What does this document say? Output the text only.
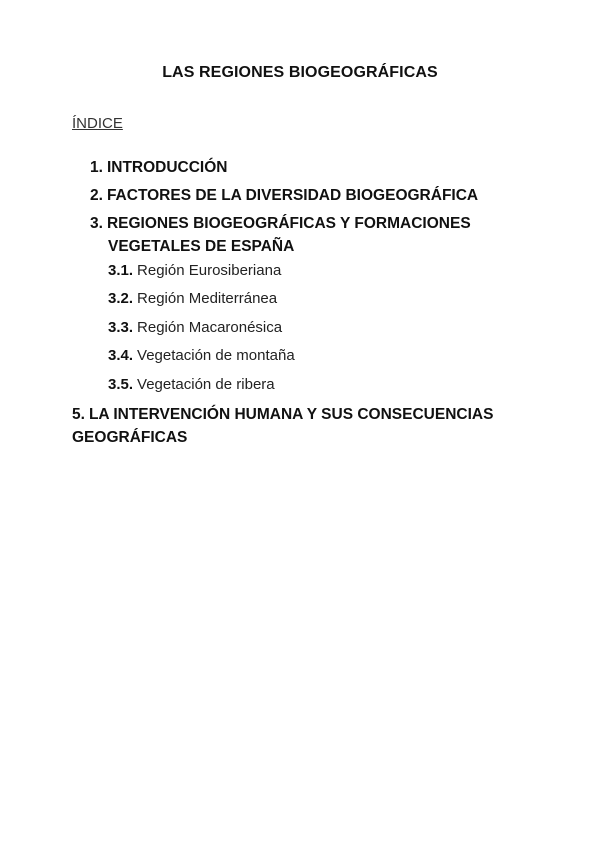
LAS REGIONES BIOGEOGRÁFICAS
ÍNDICE
1. INTRODUCCIÓN
2. FACTORES DE LA DIVERSIDAD BIOGEOGRÁFICA
3. REGIONES BIOGEOGRÁFICAS Y FORMACIONES
VEGETALES DE ESPAÑA
3.1. Región Eurosiberiana
3.2. Región Mediterránea
3.3. Región Macaronésica
3.4. Vegetación de montaña
3.5. Vegetación de ribera
5. LA INTERVENCIÓN HUMANA Y SUS CONSECUENCIAS
GEOGRÁFICAS
